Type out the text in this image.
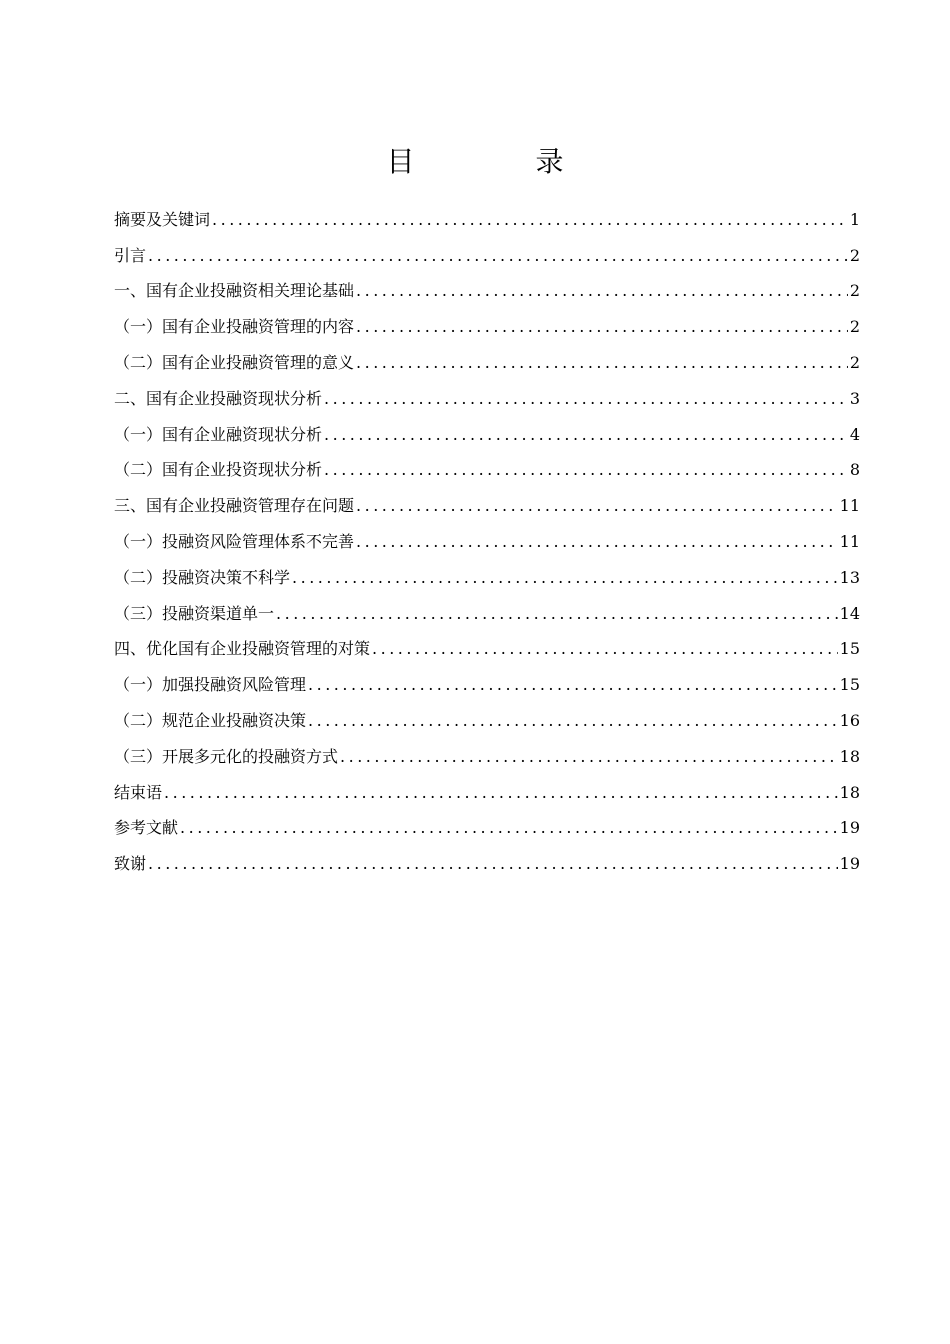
目 录
摘要及关键词 .....	1
引言 .....	2
一、国有企业投融资相关理论基础 .....	2
（一）国有企业投融资管理的内容 .....	2
（二）国有企业投融资管理的意义 .....	2
二、国有企业投融资现状分析 .....	3
（一）国有企业融资现状分析 .....	4
（二）国有企业投资现状分析 .....	8
三、国有企业投融资管理存在问题 .....	11
（一）投融资风险管理体系不完善 .....	11
（二）投融资决策不科学 .....	13
（三）投融资渠道单一 .....	14
四、优化国有企业投融资管理的对策 .....	15
（一）加强投融资风险管理 .....	15
（二）规范企业投融资决策 .....	16
（三）开展多元化的投融资方式 .....	18
结束语 .....	18
参考文献 .....	19
致谢 .....	19
